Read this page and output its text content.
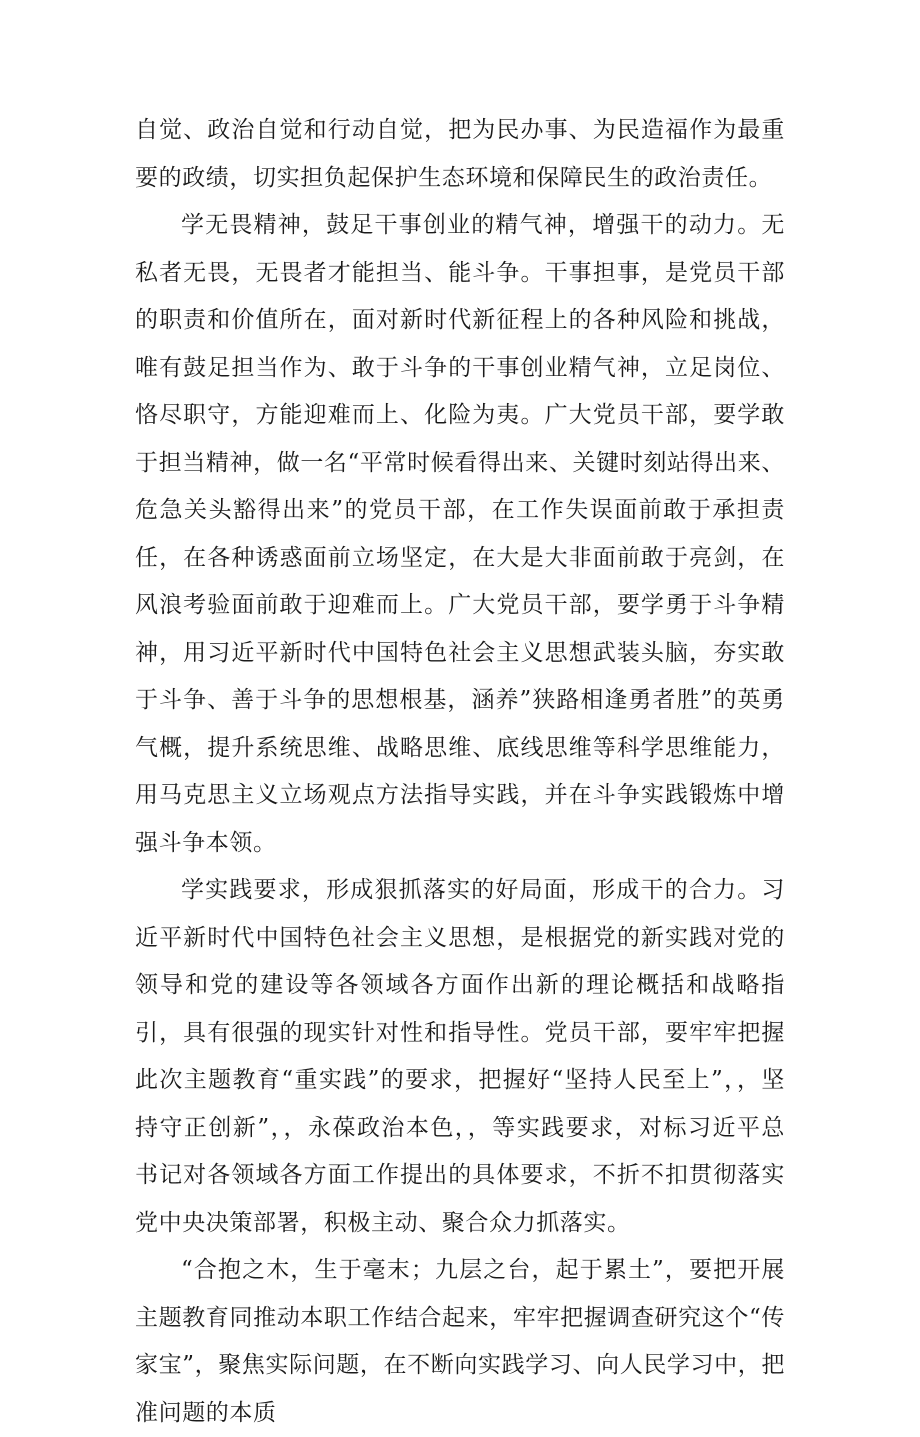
自觉、政治自觉和行动自觉，把为民办事、为民造福作为最重要的政绩，切实担负起保护生态环境和保障民生的政治责任。

学无畏精神，鼓足干事创业的精气神，增强干的动力。无私者无畏，无畏者才能担当、能斗争。干事担事，是党员干部的职责和价值所在，面对新时代新征程上的各种风险和挑战，唯有鼓足担当作为、敢于斗争的干事创业精气神，立足岗位、恪尽职守，方能迎难而上、化险为夷。广大党员干部，要学敢于担当精神，做一名“平常时候看得出来、关键时刻站得出来、危急关头豁得出来”的党员干部，在工作失误面前敢于承担责任，在各种诱惑面前立场坚定，在大是大非面前敢于亮剑，在风浪考验面前敢于迎难而上。广大党员干部，要学勇于斗争精神，用习近平新时代中国特色社会主义思想武装头脑，夯实敢于斗争、善于斗争的思想根基，涵养”狭路相逢勇者胜”的英勇气概，提升系统思维、战略思维、底线思维等科学思维能力，用马克思主义立场观点方法指导实践，并在斗争实践锻炼中增强斗争本领。

学实践要求，形成狠抓落实的好局面，形成干的合力。习近平新时代中国特色社会主义思想，是根据党的新实践对党的领导和党的建设等各领域各方面作出新的理论概括和战略指引，具有很强的现实针对性和指导性。党员干部，要牢牢把握此次主题教育“重实践”的要求，把握好“坚持人民至上”，，坚持守正创新”，，永葆政治本色，，等实践要求，对标习近平总书记对各领域各方面工作提出的具体要求，不折不扣贯彻落实党中央决策部署，积极主动、聚合众力抓落实。

“合抱之木，生于毫末；九层之台，起于累土”，要把开展主题教育同推动本职工作结合起来，牢牢把握调查研究这个“传家宝”，聚焦实际问题，在不断向实践学习、向人民学习中，把准问题的本质
